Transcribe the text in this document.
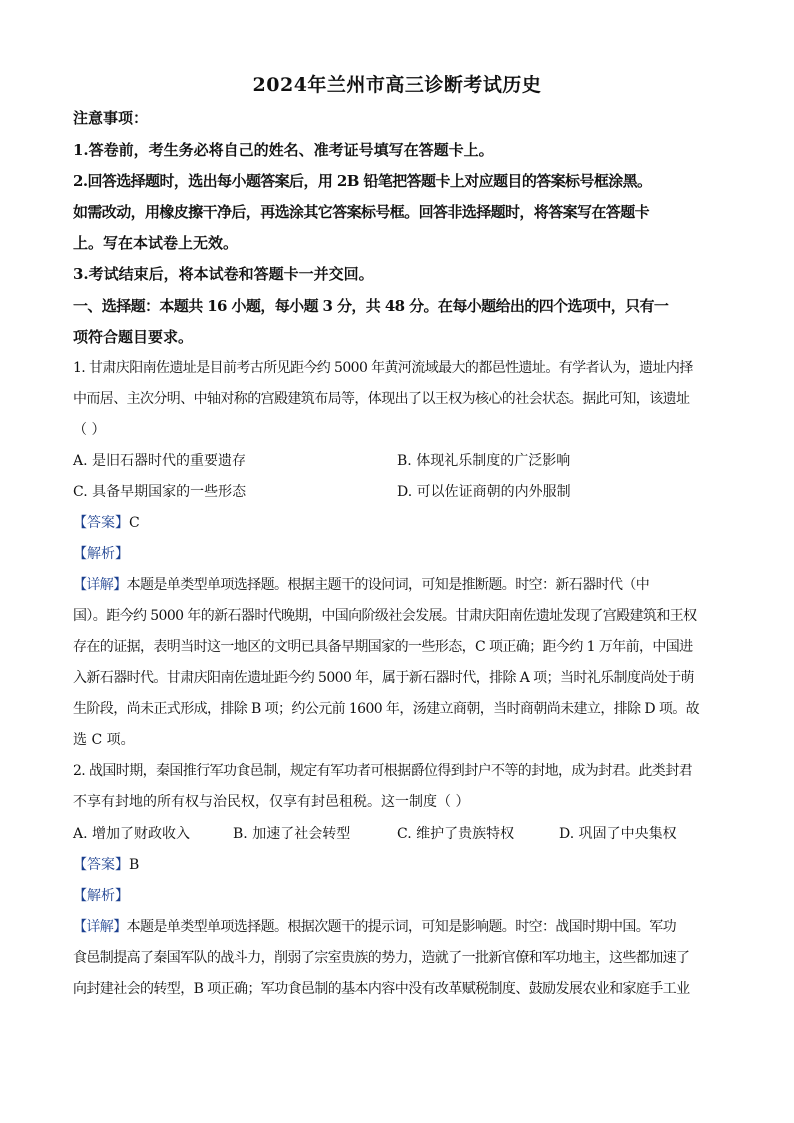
2024年兰州市高三诊断考试历史
注意事项：
1.答卷前，考生务必将自己的姓名、准考证号填写在答题卡上。
2.回答选择题时，选出每小题答案后，用 2B 铅笔把答题卡上对应题目的答案标号框涂黑。
如需改动，用橡皮擦干净后，再选涂其它答案标号框。回答非选择题时，将答案写在答题卡
上。写在本试卷上无效。
3.考试结束后，将本试卷和答题卡一并交回。
一、选择题：本题共 16 小题，每小题 3 分，共 48 分。在每小题给出的四个选项中，只有一
项符合题目要求。
1. 甘肃庆阳南佐遗址是目前考古所见距今约 5000 年黄河流域最大的都邑性遗址。有学者认为，遗址内择
中而居、主次分明、中轴对称的宫殿建筑布局等，体现出了以王权为核心的社会状态。据此可知，该遗址
（ ）
A. 是旧石器时代的重要遗存	B. 体现礼乐制度的广泛影响
C. 具备早期国家的一些形态	D. 可以佐证商朝的内外服制
【答案】C
【解析】
【详解】本题是单类型单项选择题。根据主题干的设问词，可知是推断题。时空：新石器时代（中
国）。距今约 5000 年的新石器时代晚期，中国向阶级社会发展。甘肃庆阳南佐遗址发现了宫殿建筑和王权
存在的证据，表明当时这一地区的文明已具备早期国家的一些形态，C 项正确；距今约 1 万年前，中国进
入新石器时代。甘肃庆阳南佐遗址距今约 5000 年，属于新石器时代，排除 A 项；当时礼乐制度尚处于萌
生阶段，尚未正式形成，排除 B 项；约公元前 1600 年，汤建立商朝，当时商朝尚未建立，排除 D 项。故
选 C 项。
2. 战国时期，秦国推行军功食邑制，规定有军功者可根据爵位得到封户不等的封地，成为封君。此类封君
不享有封地的所有权与治民权，仅享有封邑租税。这一制度（ ）
A. 增加了财政收入	B. 加速了社会转型	C. 维护了贵族特权	D. 巩固了中央集权
【答案】B
【解析】
【详解】本题是单类型单项选择题。根据次题干的提示词，可知是影响题。时空：战国时期中国。军功
食邑制提高了秦国军队的战斗力，削弱了宗室贵族的势力，造就了一批新官僚和军功地主，这些都加速了
向封建社会的转型，B 项正确；军功食邑制的基本内容中没有改革赋税制度、鼓励发展农业和家庭手工业
